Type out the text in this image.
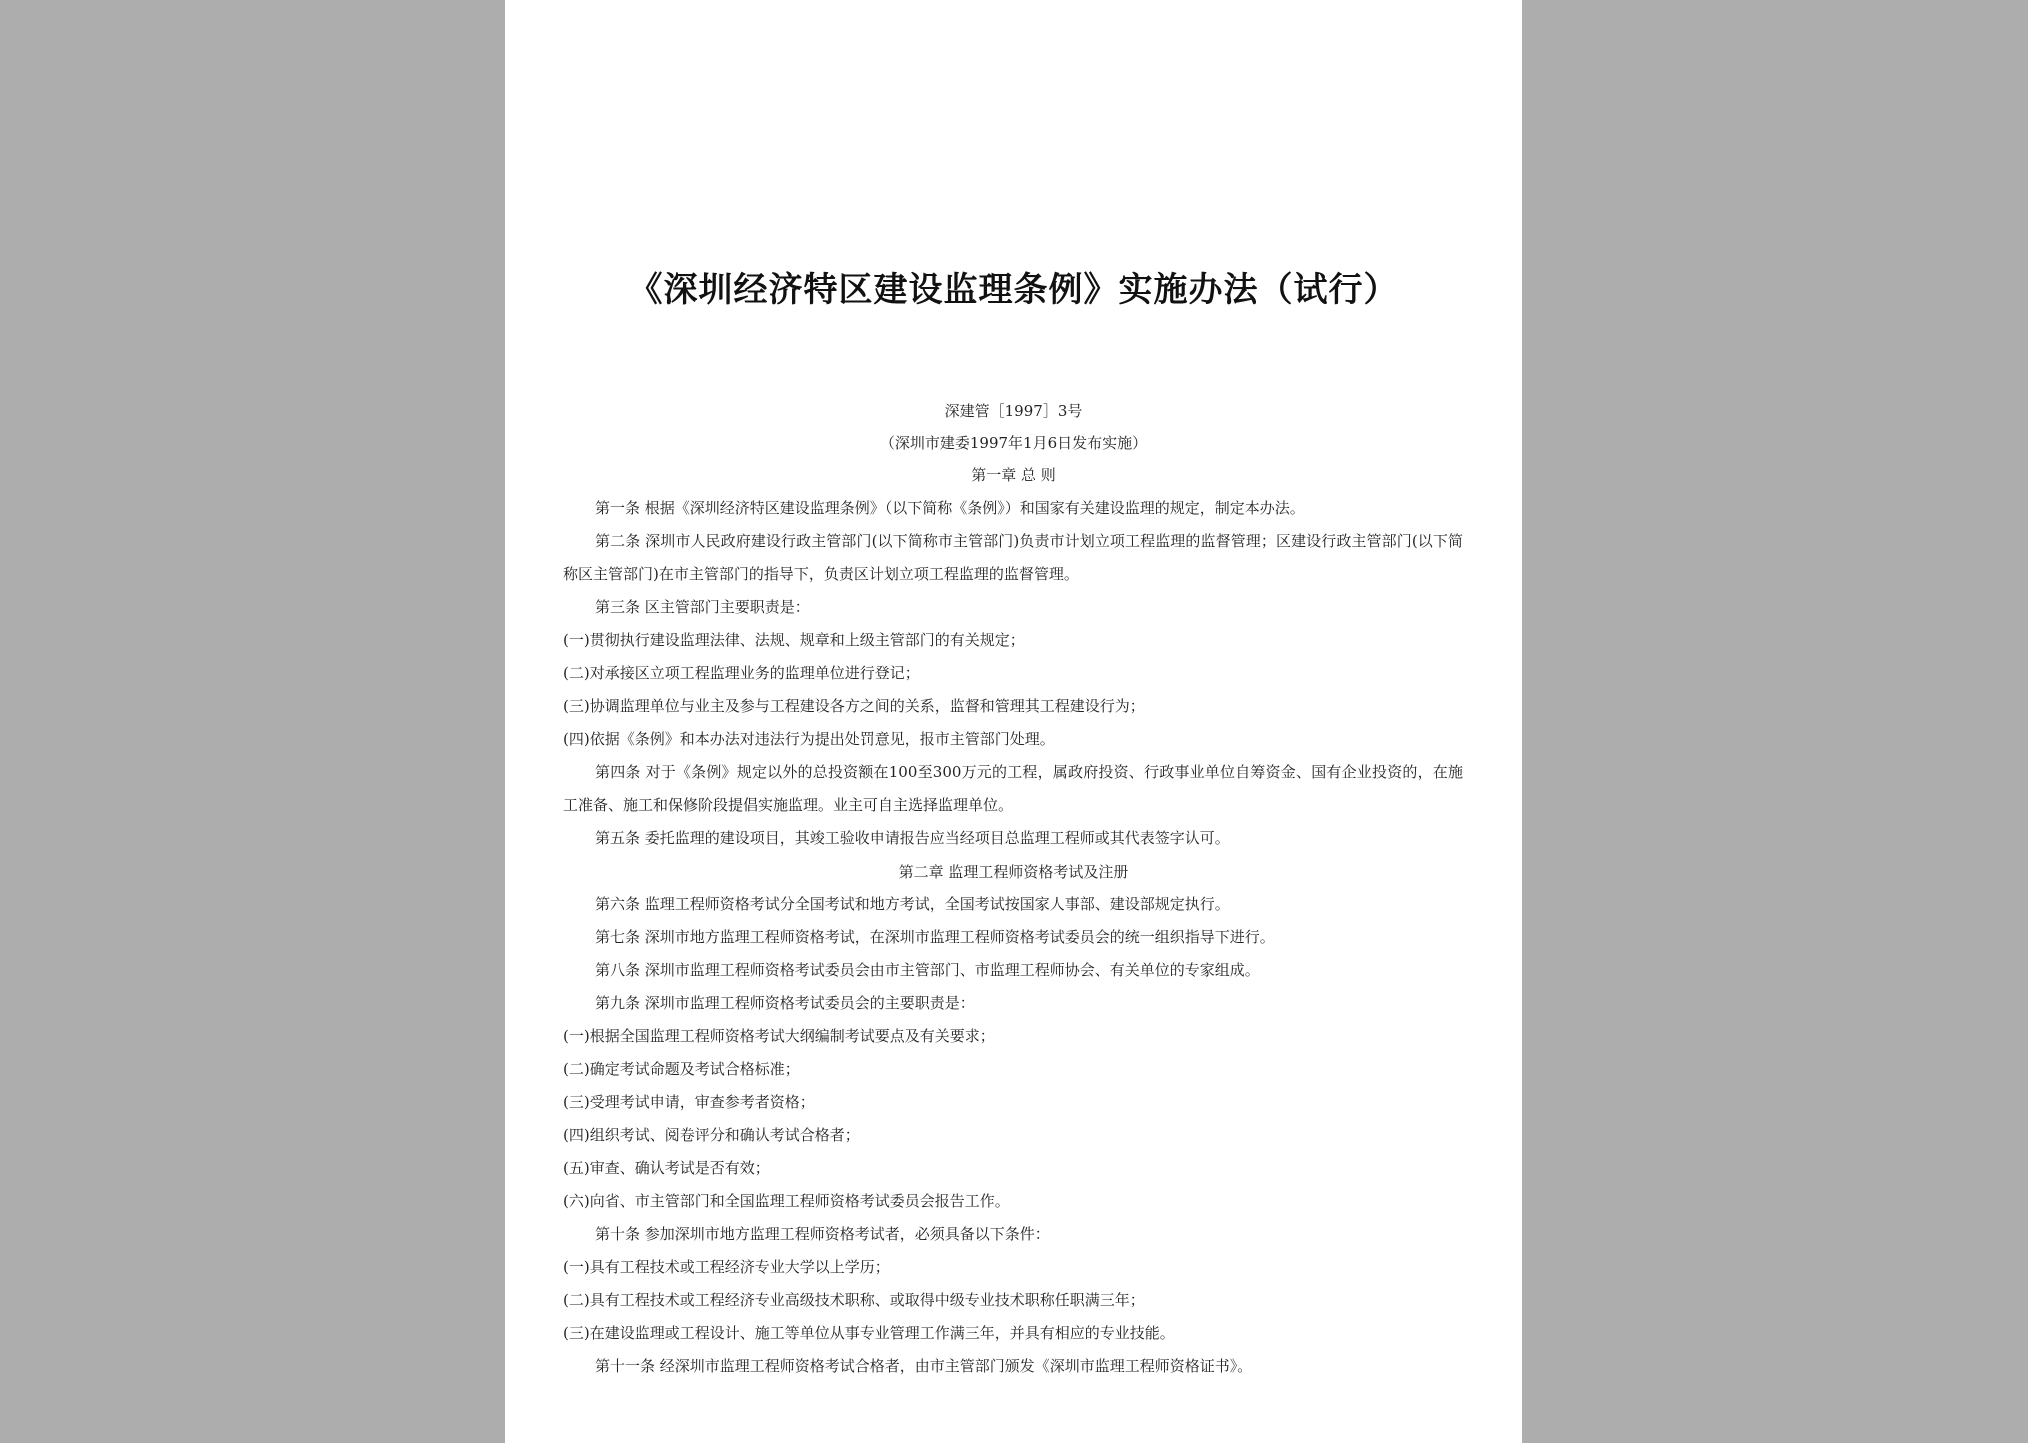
《深圳经济特区建设监理条例》实施办法（试行）
深建管［1997］3号
（深圳市建委1997年1月6日发布实施）
第一章 总 则
第一条 根据《深圳经济特区建设监理条例》（以下简称《条例》）和国家有关建设监理的规定，制定本办法。
第二条 深圳市人民政府建设行政主管部门(以下简称市主管部门)负责市计划立项工程监理的监督管理；区建设行政主管部门(以下简称区主管部门)在市主管部门的指导下，负责区计划立项工程监理的监督管理。
第三条 区主管部门主要职责是：
(一)贯彻执行建设监理法律、法规、规章和上级主管部门的有关规定；
(二)对承接区立项工程监理业务的监理单位进行登记；
(三)协调监理单位与业主及参与工程建设各方之间的关系，监督和管理其工程建设行为；
(四)依据《条例》和本办法对违法行为提出处罚意见，报市主管部门处理。
第四条 对于《条例》规定以外的总投资额在100至300万元的工程，属政府投资、行政事业单位自筹资金、国有企业投资的，在施工准备、施工和保修阶段提倡实施监理。业主可自主选择监理单位。
第五条 委托监理的建设项目，其竣工验收申请报告应当经项目总监理工程师或其代表签字认可。
第二章 监理工程师资格考试及注册
第六条 监理工程师资格考试分全国考试和地方考试，全国考试按国家人事部、建设部规定执行。
第七条 深圳市地方监理工程师资格考试，在深圳市监理工程师资格考试委员会的统一组织指导下进行。
第八条 深圳市监理工程师资格考试委员会由市主管部门、市监理工程师协会、有关单位的专家组成。
第九条 深圳市监理工程师资格考试委员会的主要职责是：
(一)根据全国监理工程师资格考试大纲编制考试要点及有关要求；
(二)确定考试命题及考试合格标准；
(三)受理考试申请，审查参考者资格；
(四)组织考试、阅卷评分和确认考试合格者；
(五)审查、确认考试是否有效；
(六)向省、市主管部门和全国监理工程师资格考试委员会报告工作。
第十条 参加深圳市地方监理工程师资格考试者，必须具备以下条件：
(一)具有工程技术或工程经济专业大学以上学历；
(二)具有工程技术或工程经济专业高级技术职称、或取得中级专业技术职称任职满三年；
(三)在建设监理或工程设计、施工等单位从事专业管理工作满三年，并具有相应的专业技能。
第十一条 经深圳市监理工程师资格考试合格者，由市主管部门颁发《深圳市监理工程师资格证书》。
